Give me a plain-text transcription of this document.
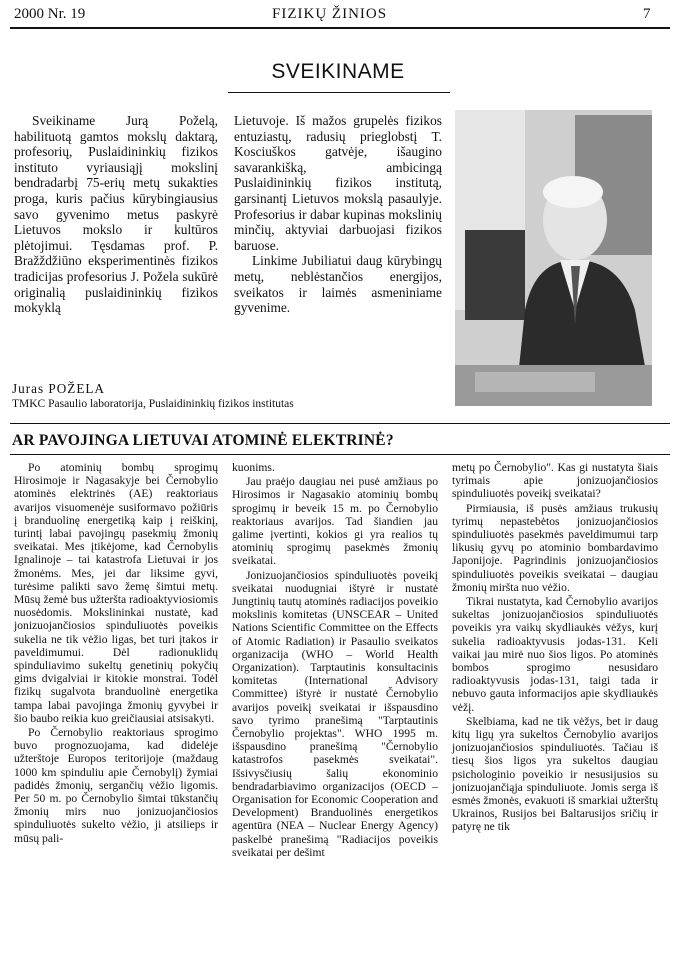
2000 Nr. 19	FIZIKŲ ŽINIOS	7
SVEIKINAME

Sveikiname Jurą Poželą, habilituotą gamtos mokslų daktarą, profesorių, Puslaidininkių fizikos instituto vyriausiąjį mokslinį bendradarbį 75-erių metų sukakties proga, kuris pačius kūrybingiausius savo gyvenimo metus paskyrė Lietuvos mokslo ir kultūros plėtojimui. Tęsdamas prof. P. Bražždžiūno eksperimentinės fizikos tradicijas profesorius J. Požela sukūrė originalią puslaidininkių fizikos mokyklą

Lietuvoje. Iš mažos grupelės fizikos entuziastų, radusių prieglobstį T. Kosciuškos gatvėje, išaugino savarankišką, ambicingą Puslaidininkių fizikos institutą, garsinantį Lietuvos mokslą pasaulyje. Profesorius ir dabar kupinas mokslinių minčių, aktyviai darbuojasi fizikos baruose.

Linkime Jubiliatui daug kūrybingų metų, neblėstančios energijos, sveikatos ir laimės asmeniniame gyvenime.

Juras POŽELA
TMKC Pasaulio laboratorija, Puslaidininkių fizikos institutas
AR PAVOJINGA LIETUVAI ATOMINĖ ELEKTRINĖ?

Po atominių bombų sprogimų Hirosimoje ir Nagasakyje bei Černobylio atominės elektrinės (AE) reaktoriaus avarijos visuomenėje susiformavo požiūris į branduolinę energetiką kaip į reiškinį, turintį labai pavojingų pasekmių žmonių sveikatai. Mes įtikėjome, kad Černobylis Ignalinoje – tai katastrofa Lietuvai ir jos žmonėms. Mes, jei dar liksime gyvi, turėsime palikti savo žemę šimtui metų. Mūsų žemė bus užteršta radioaktyviosiomis nuosėdomis. Mokslininkai nustatė, kad jonizuojančiosios spinduliuotės poveikis sukelia ne tik vėžio ligas, bet turi įtakos ir paveldimumui. Dėl radionuklidų spinduliavimo sukeltų genetinių pokyčių gims dvigalviai ir kitokie monstrai. Todėl fizikų sugalvota branduolinė energetika tampa labai pavojinga žmonių gyvybei ir šio baubo reikia kuo greičiausiai atsisakyti.

Po Černobylio reaktoriaus sprogimo buvo prognozuojama, kad didelėje užterštoje Europos teritorijoje (maždaug 1000 km spinduliu apie Černobylį) žymiai padidės žmonių, sergančių vėžio ligomis. Per 50 m. po Černobylio šimtai tūkstančių žmonių mirs nuo jonizuojančiosios spinduliuotės sukelto vėžio, ji atsilieps ir mūsų pali-

kuonims.

Jau praėjo daugiau nei pusė amžiaus po Hirosimos ir Nagasakio atominių bombų sprogimų ir beveik 15 m. po Černobylio reaktoriaus avarijos. Tad šiandien jau galime įvertinti, kokios gi yra realios tų atominių sprogimų pasekmės žmonių sveikatai.

Jonizuojančiosios spinduliuotės poveikį sveikatai nuodugniai ištyrė ir nustatė Jungtinių tautų atominės radiacijos poveikio mokslinis komitetas (UNSCEAR – United Nations Scientific Committee on the Effects of Atomic Radiation) ir Pasaulio sveikatos organizacija (WHO – World Health Organization). Tarptautinis konsultacinis komitetas (International Advisory Committee) ištyrė ir nustatė Černobylio avarijos poveikį sveikatai ir išspausdino savo tyrimo pranešimą "Tarptautinis Černobylio projektas". WHO 1995 m. išspausdino pranešimą "Černobylio katastrofos pasekmės sveikatai". Išsivysčiusių šalių ekonominio bendradarbiavimo organizacijos (OECD – Organisation for Economic Cooperation and Development) Branduolinės energetikos agentūra (NEA – Nuclear Energy Agency) paskelbė pranešimą "Radiacijos poveikis sveikatai per dešimt

metų po Černobylio". Kas gi nustatyta šiais tyrimais apie jonizuojančiosios spinduliuotės poveikį sveikatai?

Pirmiausia, iš pusės amžiaus trukusių tyrimų nepastebėtos jonizuojančiosios spinduliuotės pasekmės paveldimumui tarp likusių gyvų po atominio bombardavimo Japonijoje. Pagrindinis jonizuojančiosios spinduliuotės poveikis sveikatai – daugiau žmonių miršta nuo vėžio.

Tikrai nustatyta, kad Černobylio avarijos sukeltas jonizuojančiosios spinduliuotės poveikis yra vaikų skydliaukės vėžys, kurį sukelia radioaktyvusis jodas-131. Keli vaikai jau mirė nuo šios ligos. Po atominės bombos sprogimo nesusidaro radioaktyvusis jodas-131, taigi tada ir nebuvo gauta informacijos apie skydliaukės vėžį.

Skelbiama, kad ne tik vėžys, bet ir daug kitų ligų yra sukeltos Černobylio avarijos jonizuojančiosios spinduliuotės. Tačiau iš tiesų šios ligos yra sukeltos daugiau psichologinio poveikio ir nesusijusios su jonizuojančiąja spinduliuote. Jomis serga iš esmės žmonės, evakuoti iš smarkiai užterštų Ukrainos, Rusijos bei Baltarusijos sričių ir patyrę ne tik
